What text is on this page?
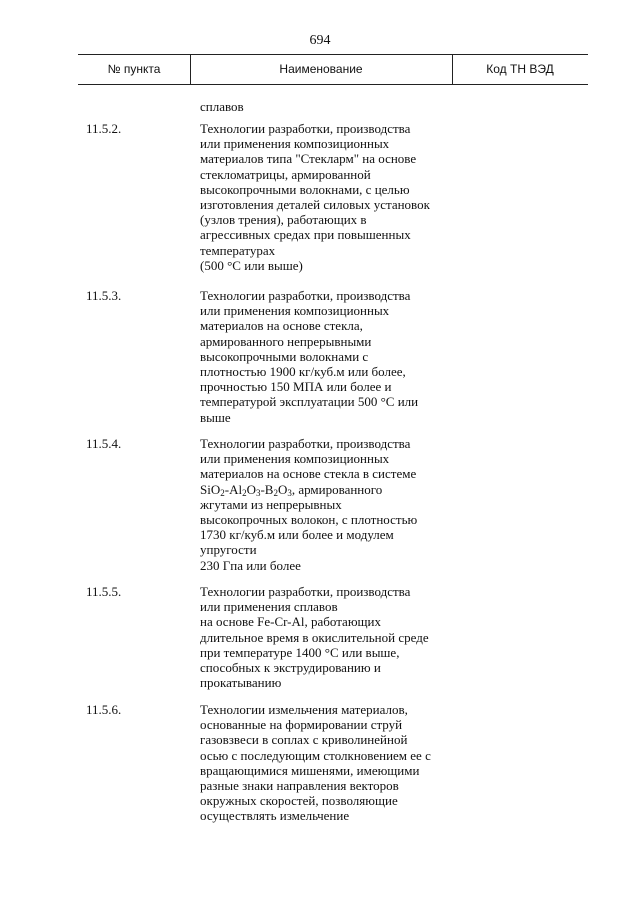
694
№ пункта	Наименование	Код ТН ВЭД
сплавов
11.5.2.	Технологии разработки, производства
или применения композиционных
материалов типа "Стекларм" на основе
стекломатрицы, армированной
высокопрочными волокнами, с целью
изготовления деталей силовых установок
(узлов трения), работающих в
агрессивных средах при повышенных
температурах
(500 °C или выше)
11.5.3.	Технологии разработки, производства
или применения композиционных
материалов на основе стекла,
армированного непрерывными
высокопрочными волокнами с
плотностью 1900 кг/куб.м или более,
прочностью 150 МПА или более и
температурой эксплуатации 500 °C или
выше
11.5.4.	Технологии разработки, производства
или применения композиционных
материалов на основе стекла в системе
$SiO_2-Al_2O_3-B_2O_3$, армированного
жгутами из непрерывных
высокопрочных волокон, с плотностью
1730 кг/куб.м или более и модулем
упругости
230 Гпа или более
11.5.5.	Технологии разработки, производства
или применения сплавов
на основе Fe-Cr-Al, работающих
длительное время в окислительной среде
при температуре 1400 °C или выше,
способных к экструдированию и
прокатыванию
11.5.6.	Технологии измельчения материалов,
основанные на формировании струй
газовзвеси в соплах с криволинейной
осью с последующим столкновением ее с
вращающимися мишенями, имеющими
разные знаки направления векторов
окружных скоростей, позволяющие
осуществлять измельчение
